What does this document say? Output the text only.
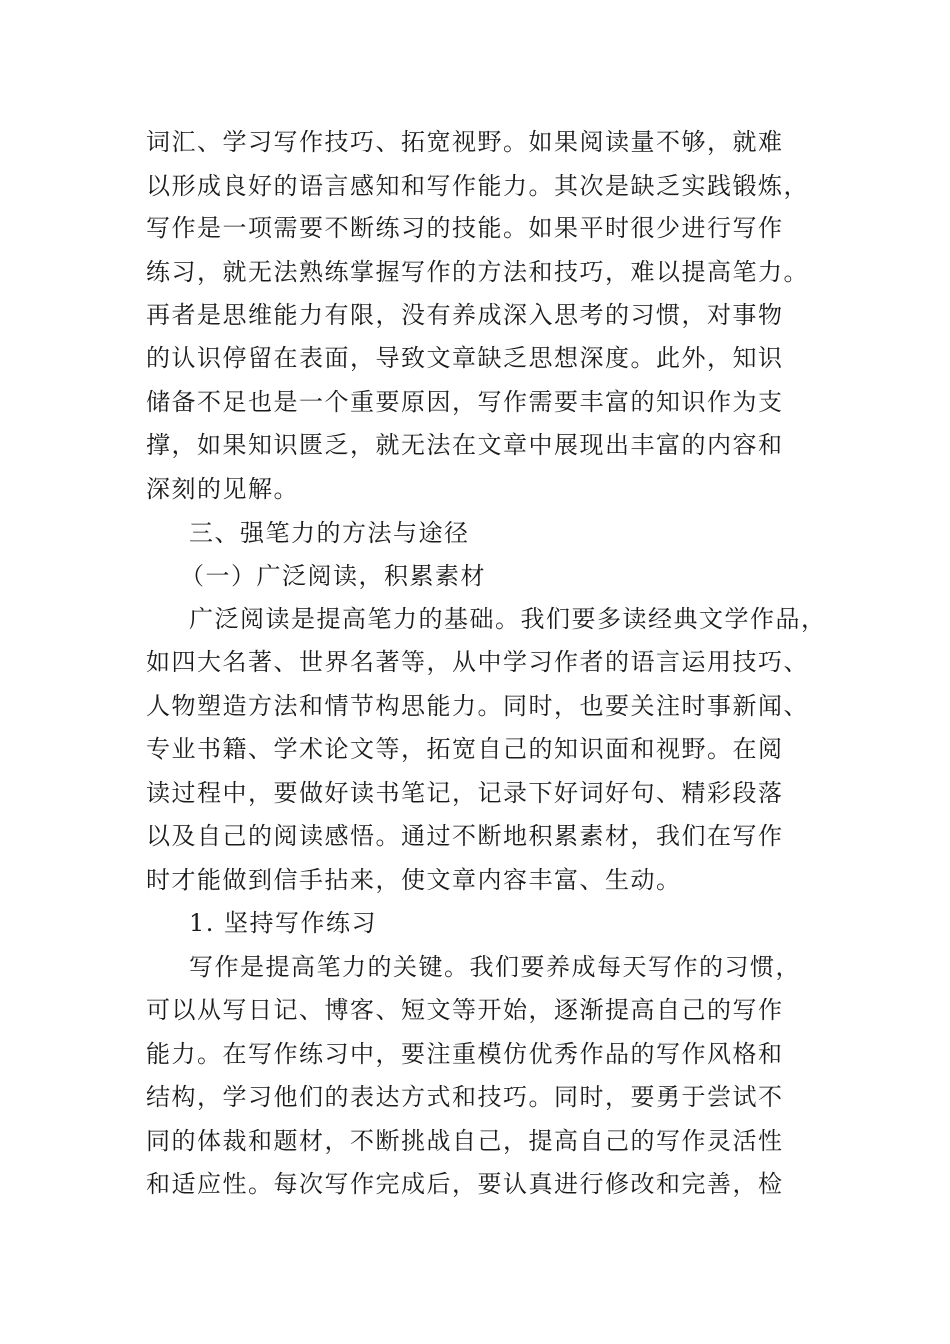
词汇、学习写作技巧、拓宽视野。如果阅读量不够，就难
以形成良好的语言感知和写作能力。其次是缺乏实践锻炼，
写作是一项需要不断练习的技能。如果平时很少进行写作
练习，就无法熟练掌握写作的方法和技巧，难以提高笔力。
再者是思维能力有限，没有养成深入思考的习惯，对事物
的认识停留在表面，导致文章缺乏思想深度。此外，知识
储备不足也是一个重要原因，写作需要丰富的知识作为支
撑，如果知识匮乏，就无法在文章中展现出丰富的内容和
深刻的见解。
三、强笔力的方法与途径
（一）广泛阅读，积累素材
广泛阅读是提高笔力的基础。我们要多读经典文学作品，
如四大名著、世界名著等，从中学习作者的语言运用技巧、
人物塑造方法和情节构思能力。同时，也要关注时事新闻、
专业书籍、学术论文等，拓宽自己的知识面和视野。在阅
读过程中，要做好读书笔记，记录下好词好句、精彩段落
以及自己的阅读感悟。通过不断地积累素材，我们在写作
时才能做到信手拈来，使文章内容丰富、生动。
1. 坚持写作练习
写作是提高笔力的关键。我们要养成每天写作的习惯，
可以从写日记、博客、短文等开始，逐渐提高自己的写作
能力。在写作练习中，要注重模仿优秀作品的写作风格和
结构，学习他们的表达方式和技巧。同时，要勇于尝试不
同的体裁和题材，不断挑战自己，提高自己的写作灵活性
和适应性。每次写作完成后，要认真进行修改和完善，检
